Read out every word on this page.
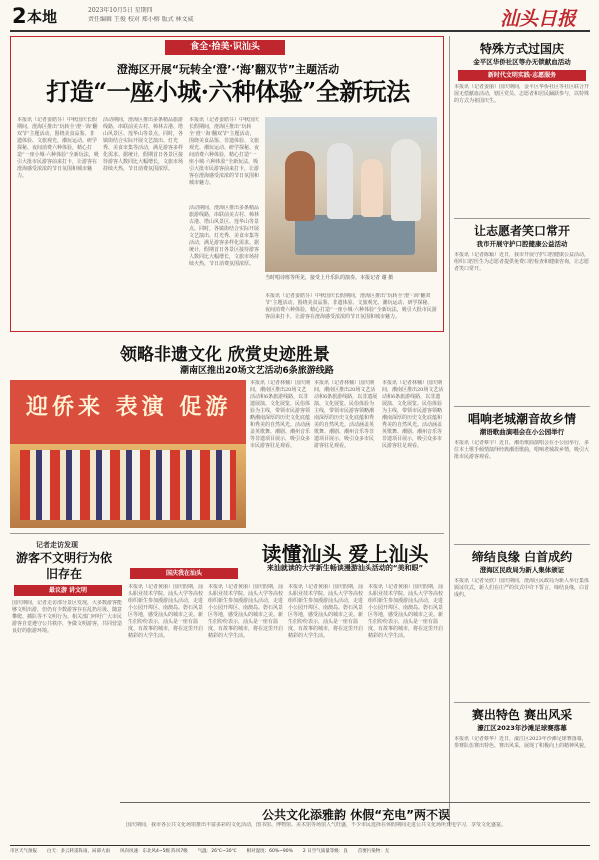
2 本地	2023年10月5日 星期四
责任编辑 王俊 校对 郑小榕 版式 林文威	汕头日报
食全·拾美·识汕头
澄海区开展“玩转全‘澄’·‘海’翻双节”主题活动
打造“一座小城·六种体验”全新玩法
本报讯（记者姜皓芬）中秋国庆长假期间，澄海区推出“玩转全‘澄’·‘海’翻双节”主题活动，围绕美食品鉴、非遗体验、文旅观光、潮玩运动、研学探秘、夜间消费六种体验，精心打造“一座小城·六种体验”全新玩法，吸引大批市民游客前来打卡，让游客在澄海感受浓浓的节日氛围和城市魅力。
活动期间，澄海区推出多条精品旅游线路，串联前美古村、樟林古港、塔山风景区、莲华山等景点。同时，各镇街结合实际开展文艺演出、灯光秀、美食市集等活动，满足游客多样化需求。据统计，假期首日各景区接待游客人数同比大幅增长，文旅市场持续火热，节日消费氛围浓厚。
本报讯（记者姜皓芬）中秋国庆长假期间，澄海区推出“玩转全‘澄’·‘海’翻双节”主题活动，围绕美食品鉴、非遗体验、文旅观光、潮玩运动、研学探秘、夜间消费六种体验，精心打造“一座小城·六种体验”全新玩法，吸引大批市民游客前来打卡，让游客在澄海感受浓浓的节日氛围和城市魅力。
活动期间，澄海区推出多条精品旅游线路，串联前美古村、樟林古港、塔山风景区、莲华山等景点。同时，各镇街结合实际开展文艺演出、灯光秀、美食市集等活动，满足游客多样化需求。据统计，假期首日各景区接待游客人数同比大幅增长，文旅市场持续火热，节日消费氛围浓厚。
当时唱诗班等所见，接受上升乐队的演奏。本报记者 谢 摄
本报讯（记者姜皓芬）中秋国庆长假期间，澄海区推出“玩转全‘澄’·‘海’翻双节”主题活动，围绕美食品鉴、非遗体验、文旅观光、潮玩运动、研学探秘、夜间消费六种体验，精心打造“一座小城·六种体验”全新玩法，吸引大批市民游客前来打卡，让游客在澄海感受浓浓的节日氛围和城市魅力。
领略非遗文化 欣赏史迹胜景
潮南区推出20场文艺活动6条旅游线路
迎侨来 表演 促游
本报讯（记者林楠）国庆期间，潮南区推出20场文艺活动和6条旅游线路，以非遗展演、文化展览、民俗体验为主线，带领市民游客领略潮南深厚的历史文化底蕴和秀美的自然风光。活动涵盖英歌舞、潮剧、潮州音乐等非遗项目展示，吸引众多市民游客驻足观看。
本报讯（记者林楠）国庆期间，潮南区推出20场文艺活动和6条旅游线路，以非遗展演、文化展览、民俗体验为主线，带领市民游客领略潮南深厚的历史文化底蕴和秀美的自然风光。活动涵盖英歌舞、潮剧、潮州音乐等非遗项目展示，吸引众多市民游客驻足观看。
本报讯（记者林楠）国庆期间，潮南区推出20场文艺活动和6条旅游线路，以非遗展演、文化展览、民俗体验为主线，带领市民游客领略潮南深厚的历史文化底蕴和秀美的自然风光。活动涵盖英歌舞、潮剧、潮州音乐等非遗项目展示，吸引众多市民游客驻足观看。
记者走访发现
游客不文明行为依旧存在
最议游 讲文明
国庆期间，记者走访部分景区发现，大多数游客能够文明出游，但仍有少数游客存在乱扔垃圾、随意攀爬、插队等不文明行为。相关部门呼吁广大市民游客自觉遵守公共秩序，争做文明游客，共同营造良好的旅游环境。
国庆我在汕头
读懂汕头 爱上汕头
来汕就读的大学新生畅谈漫游汕头活动的“美和眼”
本报讯（记者黄丽）国庆假期，汕头职业技术学院、汕头大学等高校组织新生参加漫游汕头活动，走进小公园开埠区、南澳岛、礐石风景区等地，感受汕头的城市之美。新生们纷纷表示，汕头是一座有温度、有故事的城市，将在这里开启精彩的大学生活。
本报讯（记者黄丽）国庆假期，汕头职业技术学院、汕头大学等高校组织新生参加漫游汕头活动，走进小公园开埠区、南澳岛、礐石风景区等地，感受汕头的城市之美。新生们纷纷表示，汕头是一座有温度、有故事的城市，将在这里开启精彩的大学生活。
本报讯（记者黄丽）国庆假期，汕头职业技术学院、汕头大学等高校组织新生参加漫游汕头活动，走进小公园开埠区、南澳岛、礐石风景区等地，感受汕头的城市之美。新生们纷纷表示，汕头是一座有温度、有故事的城市，将在这里开启精彩的大学生活。
本报讯（记者黄丽）国庆假期，汕头职业技术学院、汕头大学等高校组织新生参加漫游汕头活动，走进小公园开埠区、南澳岛、礐石风景区等地，感受汕头的城市之美。新生们纷纷表示，汕头是一座有温度、有故事的城市，将在这里开启精彩的大学生活。
特殊方式过国庆
金平区华侨社区等办无锁献血活动
新时代文明实践·志愿服务
本报讯（记者姜丽）国庆期间，金平区华侨社区等社区联合开展无偿献血活动，辖区党员、志愿者和居民踊跃参与，以特殊的方式为祖国庆生。
让志愿者笑口常开
我市开展守护口腔健康公益活动
本报讯（记者陈颖）近日，我市开展守护口腔健康公益活动，组织口腔医生为志愿者提供免费口腔检查和健康咨询，让志愿者笑口常开。
唱响老城潮音故乡情
潮语歌曲演唱会在小公园举行
本报讯（记者蔡宇）近日，潮语歌曲演唱会在小公园举行，多位本土歌手倾情演绎经典潮语歌曲，唱响老城故乡情，吸引大批市民游客观看。
缔结良缘 白首成约
澄海区民政局为新人集体颁证
本报讯（记者吴欣）国庆期间，澄海区民政局为新人举行集体颁证仪式，新人们在庄严的仪式中许下誓言，缔结良缘，白首成约。
赛出特色 赛出风采
濠江区2023年沙滩足球赛落幕
本报讯（记者蔡华）近日，濠江区2023年沙滩足球赛落幕，参赛队伍赛出特色、赛出风采，展现了积极向上的精神风貌。
公共文化添雅韵 休假“充电”两不误
国庆期间，我市各公共文化场馆推出丰富多彩的文化活动，图书馆、博物馆、美术馆等场馆人气旺盛，不少市民选择在休假期间走进公共文化场所充电学习，享受文化盛宴。
市区天气预报 白天：多云转雷阵雨，局部大雨 风向风速：东北风4~5级 阵风7级 气温：26℃~30℃ 相对湿度：60%~90% 2 日空气质量等级：良 首要污染物：无
